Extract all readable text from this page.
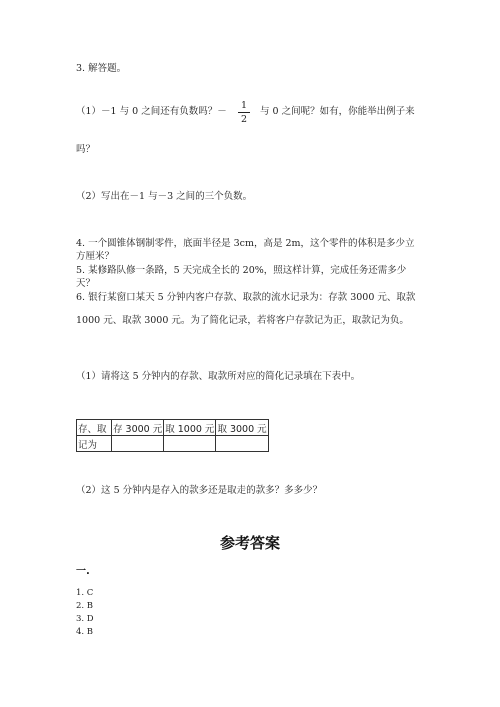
3. 解答题。
（1）－1 与 0 之间还有负数吗？－
1
2
与 0 之间呢？如有，你能举出例子来
吗？
（2）写出在－1 与－3 之间的三个负数。
4. 一个圆锥体钢制零件，底面半径是 3cm，高是 2m，这个零件的体积是多少立
方厘米？
5. 某修路队修一条路，5 天完成全长的 20%，照这样计算，完成任务还需多少
天？
6. 银行某窗口某天 5 分钟内客户存款、取款的流水记录为：存款 3000 元、取款
1000 元、取款 3000 元。为了简化记录，若将客户存款记为正，取款记为负。
（1）请将这 5 分钟内的存款、取款所对应的简化记录填在下表中。
存、取	存 3000 元	取 1000 元	取 3000 元
记为			
（2）这 5 分钟内是存入的款多还是取走的款多？多多少？
参考答案
一.
1. C
2. B
3. D
4. B
